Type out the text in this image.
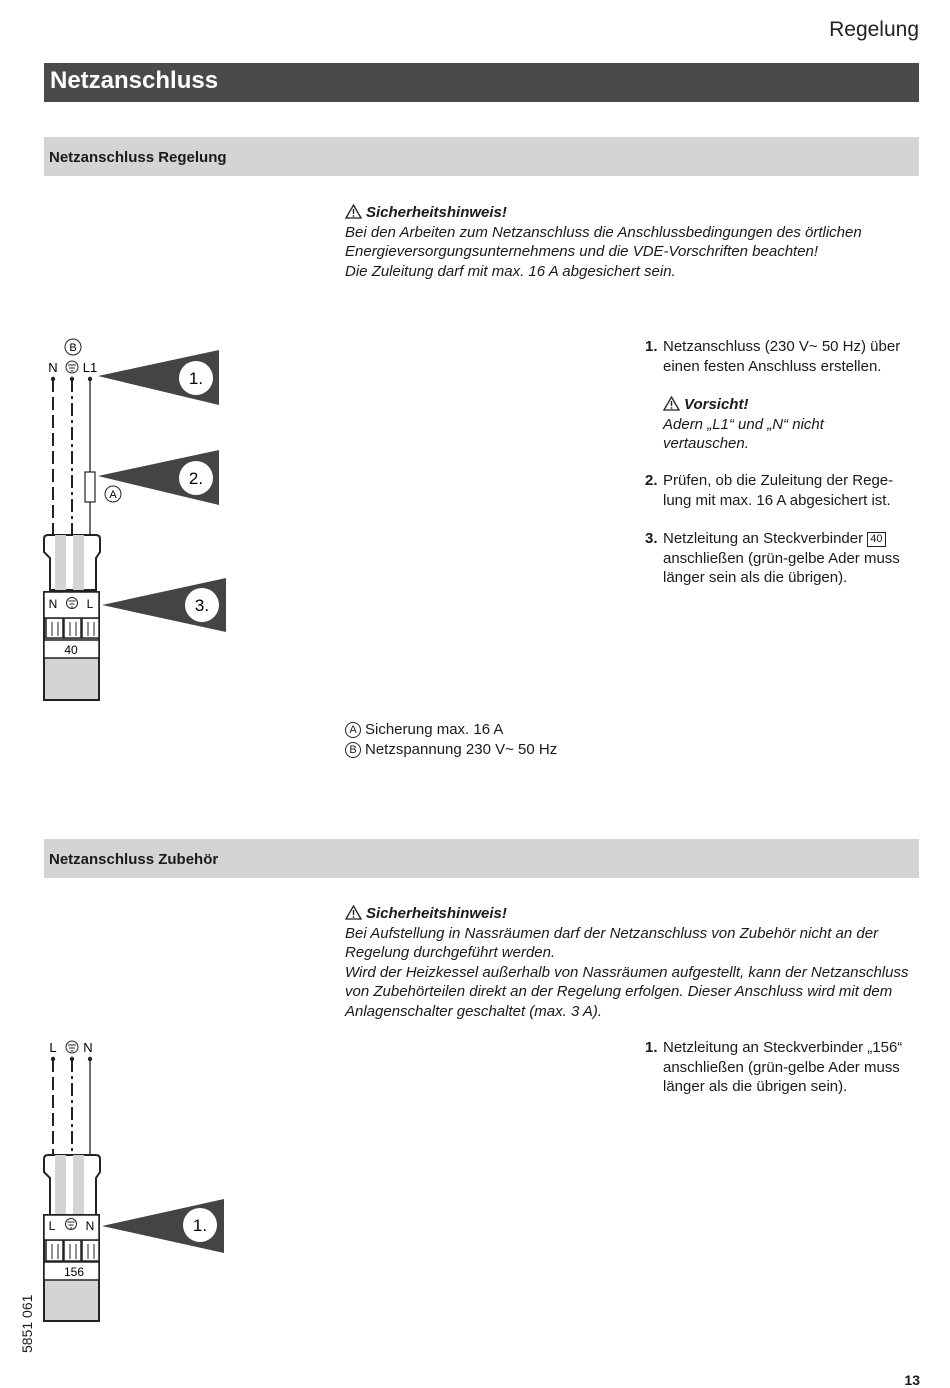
Regelung
Netzanschluss
Netzanschluss Regelung
Sicherheitshinweis!
Bei den Arbeiten zum Netzanschluss die Anschlussbedingungen des örtlichen
Energieversorgungsunternehmens und die VDE-Vorschriften beachten!
Die Zuleitung darf mit max. 16 A abgesichert sein.
1. Netzanschluss (230 V~ 50 Hz) über
einen festen Anschluss erstellen.
Vorsicht!
Adern „L1“ und „N“ nicht
vertauschen.
2. Prüfen, ob die Zuleitung der Rege-
lung mit max. 16 A abgesichert ist.
3. Netzleitung an Steckverbinder 40
anschließen (grün-gelbe Ader muss
länger sein als die übrigen).
A Sicherung max. 16 A
B Netzspannung 230 V~ 50 Hz
B
N L1
A
40
N L
1.
2.
3.
Netzanschluss Zubehör
Sicherheitshinweis!
Bei Aufstellung in Nassräumen darf der Netzanschluss von Zubehör nicht an der
Regelung durchgeführt werden.
Wird der Heizkessel außerhalb von Nassräumen aufgestellt, kann der Netzanschluss
von Zubehörteilen direkt an der Regelung erfolgen. Dieser Anschluss wird mit dem
Anlagenschalter geschaltet (max. 3 A).
1. Netzleitung an Steckverbinder „156“
anschließen (grün-gelbe Ader muss
länger als die übrigen sein).
L N
156
L	N	1.
5851 061
13
